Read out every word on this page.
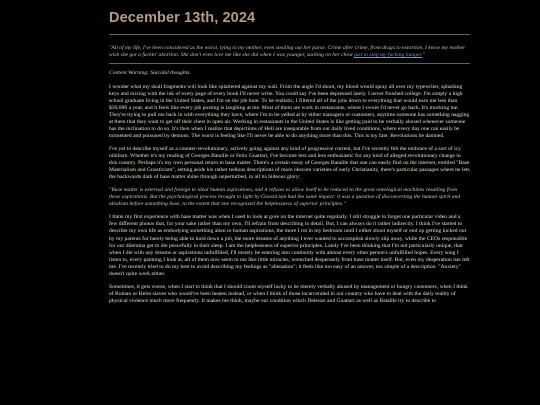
December 13th, 2024

"All of my life, I've been considered as the worst, lying to my mother, even stealing out her purse. Crime after crime, from drugs to extortion, I know my mother wish she got a fuckin' abortion. She don't even love me like she did when I was younger, sucking on her chest just to stop my fucking hunger."

Content Warning: Suicidal thoughts.

I wonder what my skull fragments will look like splattered against my wall. From the angle I'd shoot, my blood would spray all over my typewriter, splashing keys and mixing with the ink of every page of every book I'll never write. You could say I've been depressed lately. I never finished college. I'm simply a high school graduate living in the United States, and I'm on the job hunt. To be realistic, I filtered all of the jobs down to everything that would earn me less than $30,000 a year, and it feels like every job posting is laughing at me. Most of them are work in restaurants, where I swore I'd never go back. It's mocking me. They're trying to pull me back in with everything they have, where I'm to be yelled at by either managers or customers, anytime someone has something nagging at them that they want to get off their chest in open air. Working in restaurants in the United States is like getting paid to be verbally abused whenever someone has the inclination to do so. It's then when I realize that depictions of Hell are inseparable from our daily lived conditions, where every day one can easily be tormented and poisoned by demons. The worst is feeling like I'll never be able to do anything more than this. This is my fate. Revolutions be damned.

I've yet to describe myself as a counter-revolutionary, actively going against any kind of progressive current, but I've recently felt the embrace of a sort of icy nihilism. Whether it's my reading of Georges Bataille or Felix Guattari, I've become less and less enthusiastic for any kind of alleged revolutionary change in this country. Perhaps it's my own personal return to base matter. There's a certain essay of Georges Bataille that one can easily find on the internet, entitled "Base Materialism and Gnosticism", setting aside his rather tedious descriptions of more obscure varieties of early Christianity, there's particular passages where he lets the backwards dark of base matter shine through unperturbed, in all its hideous glory:

"Base matter is external and foreign to ideal human aspirations, and it refuses to allow itself to be reduced to the great ontological machines resulting from these aspirations. But the psychological process brought to light by Gnosticism had the same impact: it was a question of disconcerting the human spirit and idealism before something base, to the extent that one recognized the helplessness of superior principles."

I think my first experience with base matter was when I used to look at gore on the internet quite regularly. I still struggle to forget one particular video and a few different photos that, for your sake rather than my own, I'll refrain from describing in detail. But, I can always do it rather indirectly. I think I've started to describe my own life as embodying something alien to human aspirations, the more I rot in my bedroom until I either shoot myself or end up getting kicked out by my parents for barely being able to hold down a job, the more dreams of anything I ever wanted to accomplish slowly slip away, while the CEOs responsible for our dilemma get to die peacefully in their sleep. I am the helplessness of superior principles. Lately I've been thinking that I'm not particularly unique, that when I die with any dreams or aspirations unfulfilled, I'll merely be entering into continuity with almost every other person's unfulfilled hopes. Every song I listen to, every painting I look at, all of them now seem to me like little miracles, wrenched desperately from base matter itself. But, even my desperation has left me. I've recently tried to do my best to avoid describing my feelings as "alienation"; it feels like too easy of an answer, too simple of a description. "Anxiety" doesn't quite work either.

Sometimes, it gets worse, when I start to think that I should count myself lucky to be merely verbally abused by management or hungry customers, when I think of Roman or Helot slaves who would've been beaten instead, or when I think of those incarcerated in our country who have to deal with the daily reality of physical violence much more frequently. It makes me think, maybe our condition which Deleuze and Guattari as well as Bataille try to describe to
